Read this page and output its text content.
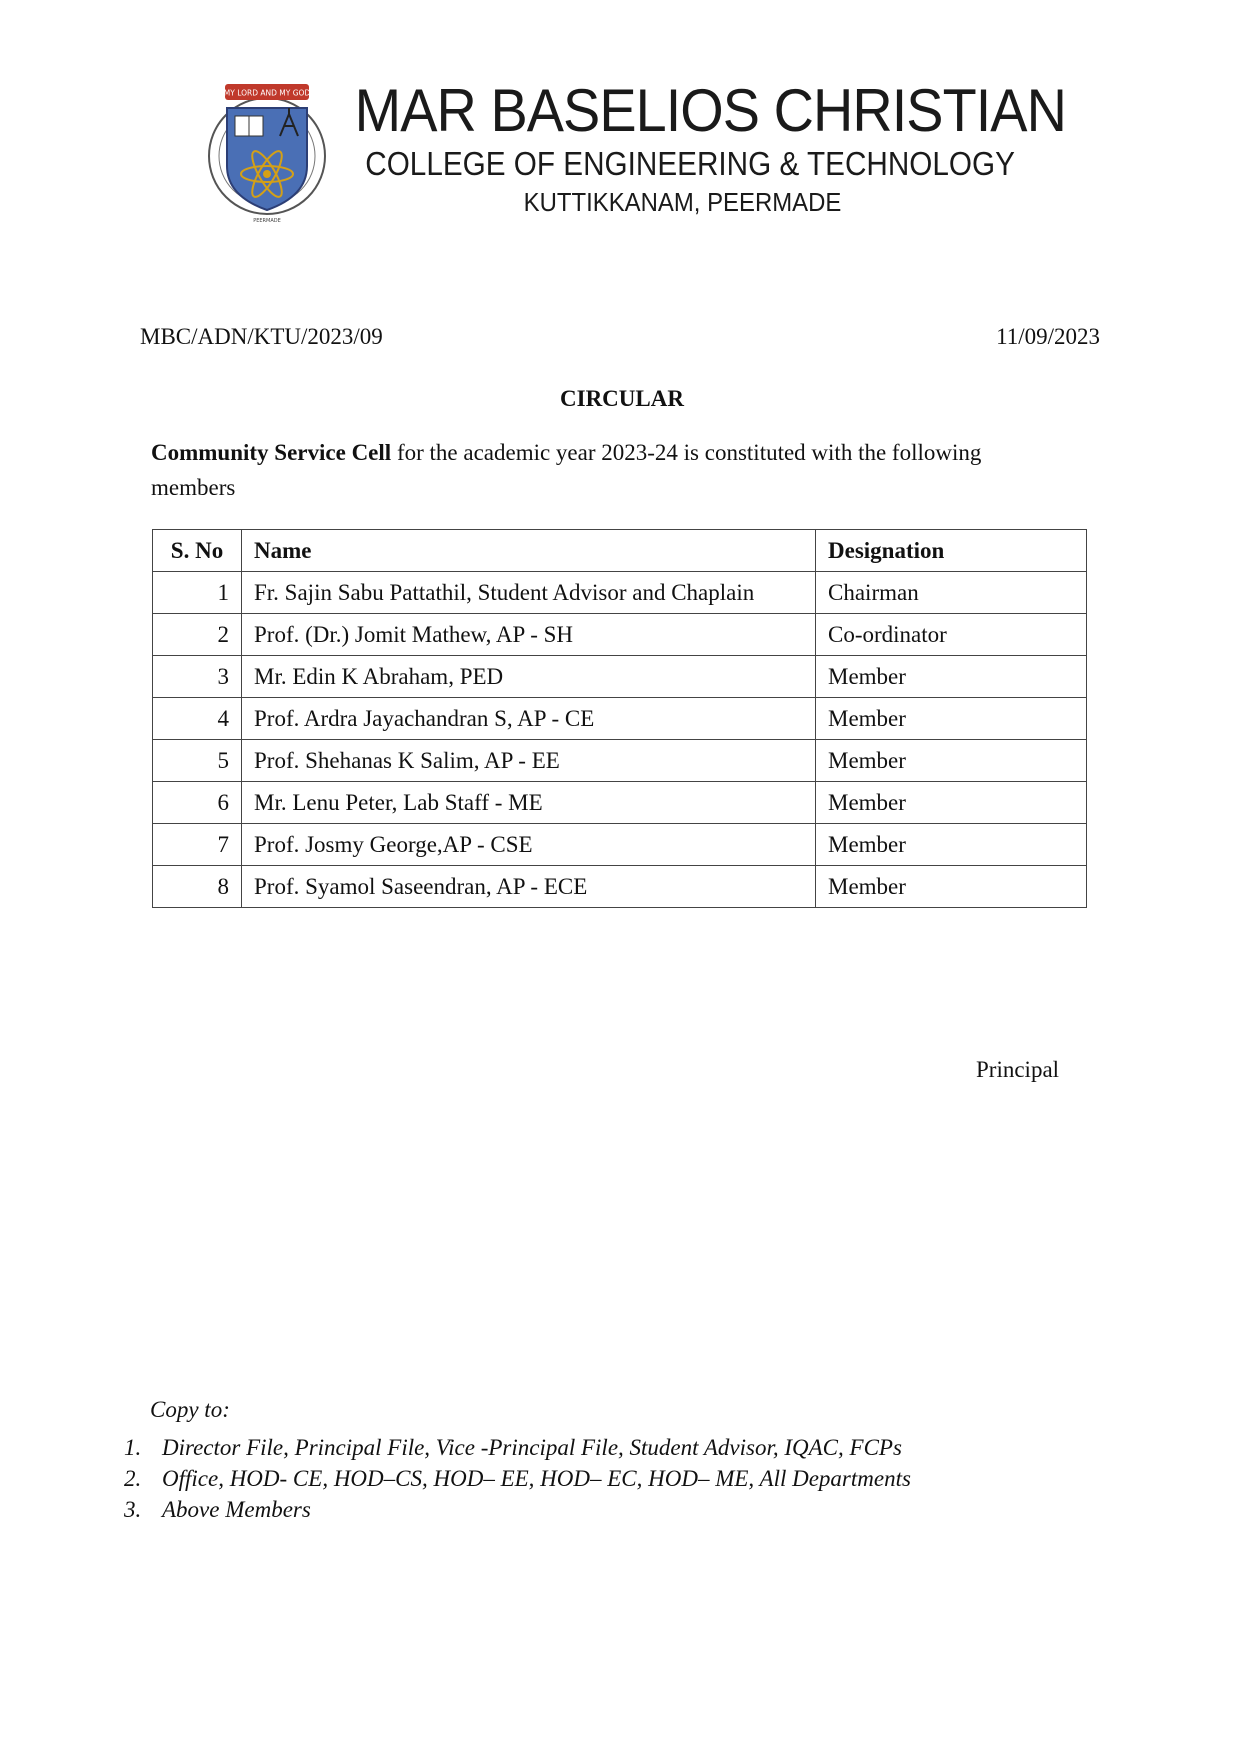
MY LORD AND MY GOD
PEERMADE
MAR BASELIOS CHRISTIAN
COLLEGE OF ENGINEERING & TECHNOLOGY
KUTTIKKANAM, PEERMADE
MBC/ADN/KTU/2023/09	11/09/2023
CIRCULAR
Community Service Cell for the academic year 2023-24 is constituted with the following members
S. No	Name	Designation
1	Fr. Sajin Sabu Pattathil, Student Advisor and Chaplain	Chairman
2	Prof. (Dr.) Jomit Mathew, AP - SH	Co-ordinator
3	Mr. Edin K Abraham, PED	Member
4	Prof. Ardra Jayachandran S, AP - CE	Member
5	Prof. Shehanas K Salim, AP - EE	Member
6	Mr. Lenu Peter, Lab Staff - ME	Member
7	Prof. Josmy George,AP - CSE	Member
8	Prof. Syamol Saseendran, AP - ECE	Member
Principal
Copy to:
1. Director File, Principal File, Vice -Principal File, Student Advisor, IQAC, FCPs
2. Office, HOD- CE, HOD–CS, HOD– EE, HOD– EC, HOD– ME, All Departments
3. Above Members
